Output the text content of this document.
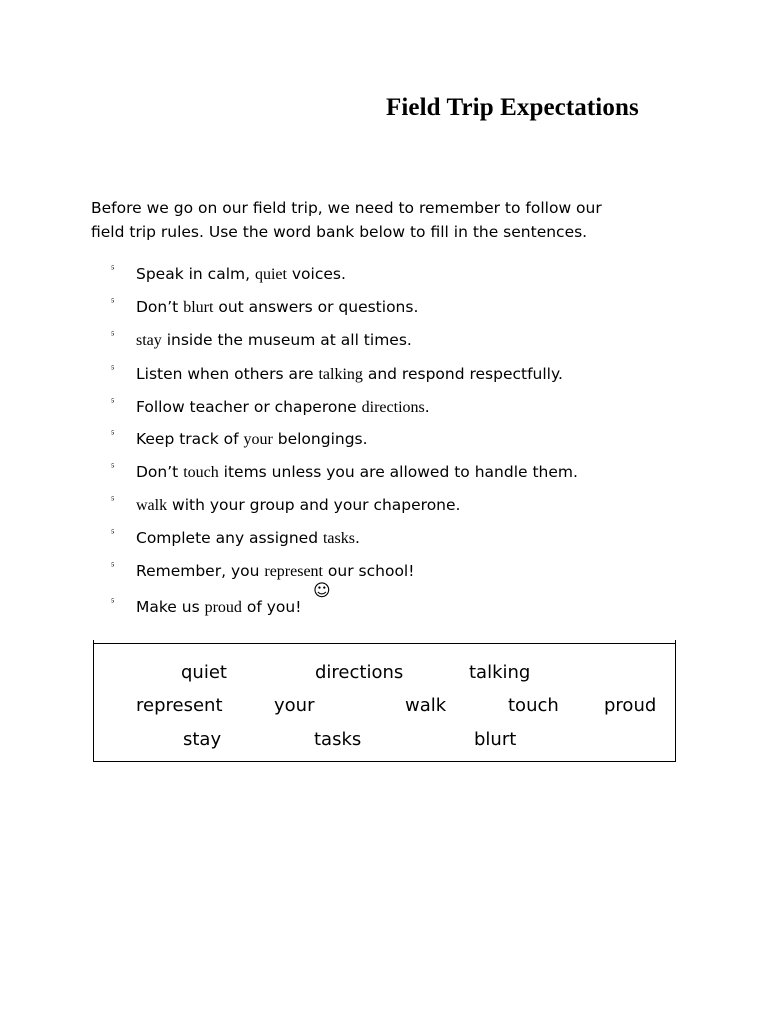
Field Trip Expectations

Before we go on our field trip, we need to remember to follow our
field trip rules. Use the word bank below to fill in the sentences.

⁵ Speak in calm, quiet voices.
⁵ Don’t blurt out answers or questions.
⁵ stay inside the museum at all times.
⁵ Listen when others are talking and respond respectfully.
⁵ Follow teacher or chaperone directions.
⁵ Keep track of your belongings.
⁵ Don’t touch items unless you are allowed to handle them.
⁵ walk with your group and your chaperone.
⁵ Complete any assigned tasks.
⁵ Remember, you represent our school!
⁵ Make us proud of you!
☺
quiet	directions	talking
represent	your	walk	touch	proud
stay	tasks	blurt
